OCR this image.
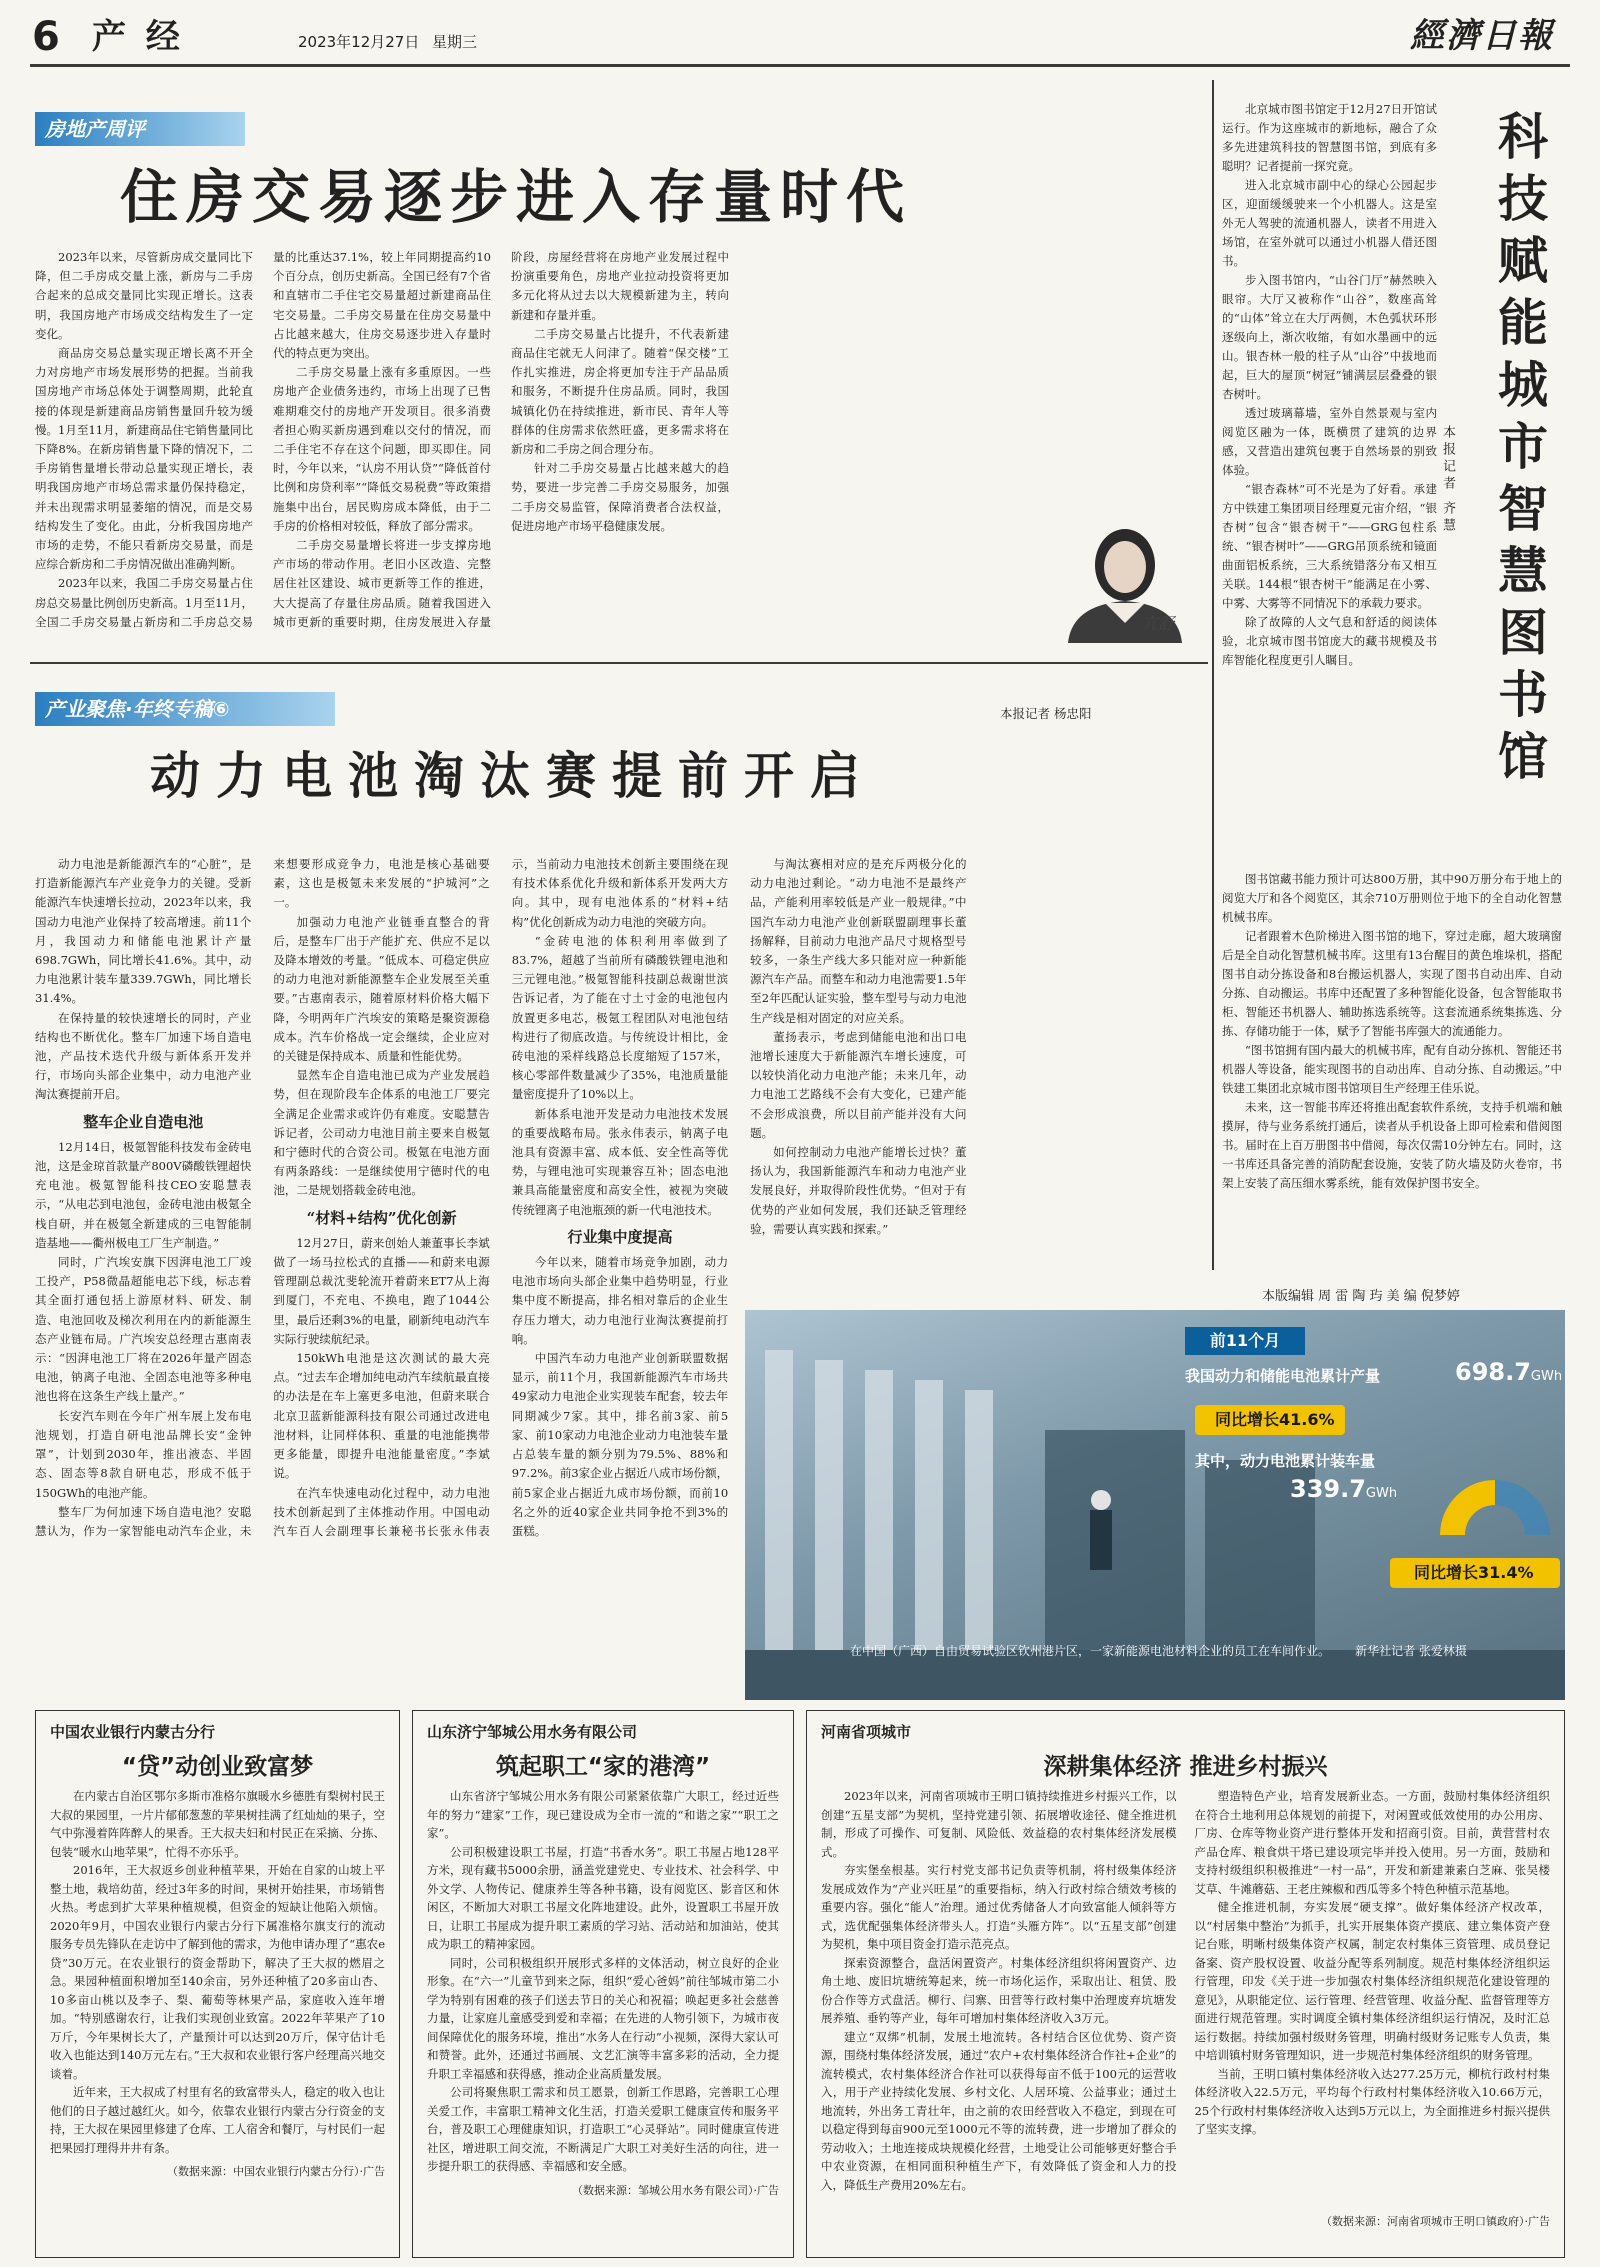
6 产 经	2023年12月27日 星期三	經濟日報
房地产周评
住房交易逐步进入存量时代

2023年以来，尽管新房成交量同比下降，但二手房成交量上涨，新房与二手房合起来的总成交量同比实现正增长。这表明，我国房地产市场成交结构发生了一定变化。

商品房交易总量实现正增长离不开全力对房地产市场发展形势的把握。当前我国房地产市场总体处于调整周期，此轮直接的体现是新建商品房销售量回升较为缓慢。1月至11月，新建商品住宅销售量同比下降8%。在新房销售量下降的情况下，二手房销售量增长带动总量实现正增长，表明我国房地产市场总需求量仍保持稳定，并未出现需求明显萎缩的情况，而是交易结构发生了变化。由此，分析我国房地产市场的走势，不能只看新房交易量，而是应综合新房和二手房情况做出准确判断。

2023年以来，我国二手房交易量占住房总交易量比例创历史新高。1月至11月，全国二手房交易量占新房和二手房总交易量的比重达37.1%，较上年同期提高约10个百分点，创历史新高。全国已经有7个省和直辖市二手住宅交易量超过新建商品住宅交易量。二手房交易量在住房交易量中占比越来越大，住房交易逐步进入存量时代的特点更为突出。

二手房交易量上涨有多重原因。一些房地产企业债务违约，市场上出现了已售难期难交付的房地产开发项目。很多消费者担心购买新房遇到难以交付的情况，而二手住宅不存在这个问题，即买即住。同时，今年以来，“认房不用认贷”“降低首付比例和房贷利率”“降低交易税费”等政策措施集中出台，居民购房成本降低，由于二手房的价格相对较低，释放了部分需求。

二手房交易量增长将进一步支撑房地产市场的带动作用。老旧小区改造、完整居住社区建设、城市更新等工作的推进，大大提高了存量住房品质。随着我国进入城市更新的重要时期，住房发展进入存量阶段，房屋经营将在房地产业发展过程中扮演重要角色，房地产业拉动投资将更加多元化将从过去以大规模新建为主，转向新建和存量并重。

二手房交易量占比提升，不代表新建商品住宅就无人问津了。随着“保交楼”工作扎实推进，房企将更加专注于产品品质和服务，不断提升住房品质。同时，我国城镇化仍在持续推进，新市民、青年人等群体的住房需求依然旺盛，更多需求将在新房和二手房之间合理分布。

针对二手房交易量占比越来越大的趋势，要进一步完善二手房交易服务，加强二手房交易监管，保障消费者合法权益，促进房地产市场平稳健康发展。

亢舒
产业聚焦·年终专稿⑥	本报记者 杨忠阳
动力电池淘汰赛提前开启

动力电池是新能源汽车的“心脏”，是打造新能源汽车产业竞争力的关键。受新能源汽车快速增长拉动，2023年以来，我国动力电池产业保持了较高增速。前11个月，我国动力和储能电池累计产量698.7GWh，同比增长41.6%。其中，动力电池累计装车量339.7GWh，同比增长31.4%。

在保持量的较快速增长的同时，产业结构也不断优化。整车厂加速下场自造电池，产品技术迭代升级与新体系开发并行，市场向头部企业集中，动力电池产业淘汰赛提前开启。

整车企业自造电池

12月14日，极氪智能科技发布金砖电池，这是金琼首款量产800V磷酸铁锂超快充电池。极氪智能科技CEO安聪慧表示，“从电芯到电池包，金砖电池由极氪全栈自研，并在极氪全新建成的三电智能制造基地——衢州极电工厂生产制造。”

同时，广汽埃安旗下因湃电池工厂竣工投产，P58微晶超能电芯下线，标志着其全面打通包括上游原材料、研发、制造、电池回收及梯次利用在内的新能源生态产业链布局。广汽埃安总经理古惠南表示：“因湃电池工厂将在2026年量产固态电池，钠离子电池、全固态电池等多种电池也将在这条生产线上量产。”

长安汽车则在今年广州车展上发布电池规划，打造自研电池品牌长安“金钟罩”，计划到2030年，推出液态、半固态、固态等8款自研电芯，形成不低于150GWh的电池产能。

整车厂为何加速下场自造电池？安聪慧认为，作为一家智能电动汽车企业，未来想要形成竞争力，电池是核心基础要素，这也是极氪未来发展的“护城河”之一。

加强动力电池产业链垂直整合的背后，是整车厂出于产能扩充、供应不足以及降本增效的考量。“低成本、可稳定供应的动力电池对新能源整车企业发展至关重要。”古惠南表示，随着原材料价格大幅下降，今明两年广汽埃安的策略是聚资源稳成本。汽车价格战一定会继续，企业应对的关键是保持成本、质量和性能优势。

显然车企自造电池已成为产业发展趋势，但在现阶段车企体系的电池工厂要完全满足企业需求或许仍有难度。安聪慧告诉记者，公司动力电池目前主要来自极氪和宁德时代的合资公司。极氪在电池方面有两条路线：一是继续使用宁德时代的电池，二是规划搭载金砖电池。

“材料+结构”优化创新

12月27日，蔚来创始人兼董事长李斌做了一场马拉松式的直播——和蔚来电源管理副总裁沈斐轮流开着蔚来ET7从上海到厦门，不充电、不换电，跑了1044公里，最后还剩3%的电量，刷新纯电动汽车实际行驶续航纪录。

150kWh电池是这次测试的最大亮点。“过去车企增加纯电动汽车续航最直接的办法是在车上塞更多电池，但蔚来联合北京卫蓝新能源科技有限公司通过改进电池材料，让同样体积、重量的电池能携带更多能量，即提升电池能量密度。”李斌说。

在汽车快速电动化过程中，动力电池技术创新起到了主体推动作用。中国电动汽车百人会副理事长兼秘书长张永伟表示，当前动力电池技术创新主要围绕在现有技术体系优化升级和新体系开发两大方向。其中，现有电池体系的“材料+结构”优化创新成为动力电池的突破方向。

“金砖电池的体积利用率做到了83.7%，超越了当前所有磷酸铁锂电池和三元锂电池。”极氪智能科技副总裁谢世滨告诉记者，为了能在寸土寸金的电池包内放置更多电芯，极氪工程团队对电池包结构进行了彻底改造。与传统设计相比，金砖电池的采样线路总长度缩短了157米，核心零部件数量减少了35%，电池质量能量密度提升了10%以上。

新体系电池开发是动力电池技术发展的重要战略布局。张永伟表示，钠离子电池具有资源丰富、成本低、安全性高等优势，与锂电池可实现兼容互补；固态电池兼具高能量密度和高安全性，被视为突破传统锂离子电池瓶颈的新一代电池技术。

行业集中度提高

今年以来，随着市场竞争加剧，动力电池市场向头部企业集中趋势明显，行业集中度不断提高，排名相对靠后的企业生存压力增大，动力电池行业淘汰赛提前打响。

中国汽车动力电池产业创新联盟数据显示，前11个月，我国新能源汽车市场共49家动力电池企业实现装车配套，较去年同期减少7家。其中，排名前3家、前5家、前10家动力电池企业动力电池装车量占总装车量的额分别为79.5%、88%和97.2%。前3家企业占据近八成市场份额，前5家企业占据近九成市场份额，而前10名之外的近40家企业共同争抢不到3%的蛋糕。

与淘汰赛相对应的是充斥两极分化的动力电池过剩论。“动力电池不是最终产品，产能利用率较低是产业一般规律。”中国汽车动力电池产业创新联盟副理事长董扬解释，目前动力电池产品尺寸规格型号较多，一条生产线大多只能对应一种新能源汽车产品。而整车和动力电池需要1.5年至2年匹配认证实验，整车型号与动力电池生产线是相对固定的对应关系。

董扬表示，考虑到储能电池和出口电池增长速度大于新能源汽车增长速度，可以较快消化动力电池产能；未来几年，动力电池工艺路线不会有大变化，已建产能不会形成浪费，所以目前产能并没有大问题。

如何控制动力电池产能增长过快？董扬认为，我国新能源汽车和动力电池产业发展良好，并取得阶段性优势。“但对于有优势的产业如何发展，我们还缺乏管理经验，需要认真实践和探索。”

科技赋能城市智慧图书馆
本报记者 齐慧

北京城市图书馆定于12月27日开馆试运行。作为这座城市的新地标，融合了众多先进建筑科技的智慧图书馆，到底有多聪明？记者提前一探究竟。

进入北京城市副中心的绿心公园起步区，迎面缓缓驶来一个小机器人。这是室外无人驾驶的流通机器人，读者不用进入场馆，在室外就可以通过小机器人借还图书。

步入图书馆内，“山谷门厅”赫然映入眼帘。大厅又被称作“山谷”，数座高耸的“山体”耸立在大厅两侧，木色弧状环形逐级向上，渐次收缩，有如水墨画中的远山。银杏林一般的柱子从“山谷”中拔地而起，巨大的屋顶“树冠”铺满层层叠叠的银杏树叶。

透过玻璃幕墙，室外自然景观与室内阅览区融为一体，既横贯了建筑的边界感，又营造出建筑包裹于自然场景的别致体验。

“银杏森林”可不光是为了好看。承建方中铁建工集团项目经理夏元宙介绍，“银杏树”包含“银杏树干”——GRG包柱系统、“银杏树叶”——GRG吊顶系统和镜面曲面铝板系统，三大系统错落分布又相互关联。144根“银杏树干”能满足在小雾、中雾、大雾等不同情况下的承载力要求。

除了故障的人文气息和舒适的阅读体验，北京城市图书馆庞大的藏书规模及书库智能化程度更引人瞩目。

图书馆藏书能力预计可达800万册，其中90万册分布于地上的阅览大厅和各个阅览区，其余710万册则位于地下的全自动化智慧机械书库。

记者跟着木色阶梯进入图书馆的地下，穿过走廊，超大玻璃窗后是全自动化智慧机械书库。这里有13台醒目的黄色堆垛机，搭配图书自动分拣设备和8台搬运机器人，实现了图书自动出库、自动分拣、自动搬运。书库中还配置了多种智能化设备，包含智能取书柜、智能还书机器人、辅助拣选系统等。这套流通系统集拣选、分拣、存储功能于一体，赋予了智能书库强大的流通能力。

“图书馆拥有国内最大的机械书库，配有自动分拣机、智能还书机器人等设备，能实现图书的自动出库、自动分拣、自动搬运。”中铁建工集团北京城市图书馆项目生产经理王佳乐说。

未来，这一智能书库还将推出配套软件系统，支持手机端和触摸屏，待与业务系统打通后，读者从手机设备上即可检索和借阅图书。届时在上百万册图书中借阅，每次仅需10分钟左右。同时，这一书库还具备完善的消防配套设施，安装了防火墙及防火卷帘，书架上安装了高压细水雾系统，能有效保护图书安全。

本版编辑 周 雷 陶 玙 美 编 倪梦婷
前11个月
我国动力和储能电池累计产量	698.7GWh
同比增长41.6%
其中，动力电池累计装车量
339.7GWh
同比增长31.4%
在中国（广西）自由贸易试验区钦州港片区，一家新能源电池材料企业的员工在车间作业。 新华社记者 张爱林摄
中国农业银行内蒙古分行
“贷”动创业致富梦

在内蒙古自治区鄂尔多斯市准格尔旗暖水乡德胜有梨树村民王大叔的果园里，一片片郁郁葱葱的苹果树挂满了红灿灿的果子，空气中弥漫着阵阵醉人的果香。王大叔夫妇和村民正在采摘、分拣、包装“暖水山地苹果”，忙得不亦乐乎。

2016年，王大叔返乡创业种植苹果，开始在自家的山坡上平整土地，栽培幼苗，经过3年多的时间，果树开始挂果，市场销售火热。考虑到扩大苹果种植规模，但资金的短缺让他陷入烦恼。2020年9月，中国农业银行内蒙古分行下属准格尔旗支行的流动服务专员先锋队在走访中了解到他的需求，为他申请办理了“惠农e贷”30万元。在农业银行的资金帮助下，解决了王大叔的燃眉之急。果园种植面积增加至140余亩，另外还种植了20多亩山杏、10多亩山桃以及李子、梨、葡萄等林果产品，家庭收入连年增加。“特别感谢农行，让我们实现创业致富。2022年苹果产了10万斤，今年果树长大了，产量预计可以达到20万斤，保守估计毛收入也能达到140万元左右。”王大叔和农业银行客户经理高兴地交谈着。

近年来，王大叔成了村里有名的致富带头人，稳定的收入也让他们的日子越过越红火。如今，依靠农业银行内蒙古分行资金的支持，王大叔在果园里修建了仓库、工人宿舍和餐厅，与村民们一起把果园打理得井井有条。

（数据来源：中国农业银行内蒙古分行）·广告
山东济宁邹城公用水务有限公司
筑起职工“家的港湾”

山东省济宁邹城公用水务有限公司紧紧依靠广大职工，经过近些年的努力“建家”工作，现已建设成为全市一流的“和谐之家”“职工之家”。

公司积极建设职工书屋，打造“书香水务”。职工书屋占地128平方米，现有藏书5000余册，涵盖党建党史、专业技术、社会科学、中外文学、人物传记、健康养生等各种书籍，设有阅览区、影音区和休闲区，不断加大对职工书屋文化阵地建设。此外，设置职工书屋开放日，让职工书屋成为提升职工素质的学习站、活动站和加油站，使其成为职工的精神家园。

同时，公司积极组织开展形式多样的文体活动，树立良好的企业形象。在“六一”儿童节到来之际，组织“爱心爸妈”前往邹城市第二小学为特别有困难的孩子们送去节日的关心和祝福；唤起更多社会慈善力量，让家庭儿童感受到爱和幸福；在先进的人物引领下，为城市夜间保障优化的服务环境，推出“水务人在行动”小视频，深得大家认可和赞誉。此外，还通过书画展、文艺汇演等丰富多彩的活动，全力提升职工幸福感和获得感，推动企业高质量发展。

公司将聚焦职工需求和员工愿景，创新工作思路，完善职工心理关爱工作，丰富职工精神文化生活，打造关爱职工健康宣传和服务平台，普及职工心理健康知识，打造职工“心灵驿站”。同时健康宣传进社区，增进职工间交流，不断满足广大职工对美好生活的向往，进一步提升职工的获得感、幸福感和安全感。

（数据来源：邹城公用水务有限公司）·广告
河南省项城市
深耕集体经济 推进乡村振兴

2023年以来，河南省项城市王明口镇持续推进乡村振兴工作，以创建“五星支部”为契机，坚持党建引领、拓展增收途径、健全推进机制，形成了可操作、可复制、风险低、效益稳的农村集体经济发展模式。

夯实堡垒根基。实行村党支部书记负责等机制，将村级集体经济发展成效作为“产业兴旺星”的重要指标，纳入行政村综合绩效考核的重要内容。强化“能人”治理。通过优秀储备人才向致富能人倾斜等方式，选优配强集体经济带头人。打造“头雁方阵”。以“五星支部”创建为契机，集中项目资金打造示范亮点。

探索资源整合，盘活闲置资产。村集体经济组织将闲置资产、边角土地、废旧坑塘统筹起来，统一市场化运作，采取出让、租赁、股份合作等方式盘活。柳行、闫寨、田营等行政村集中治理废弃坑塘发展养殖、垂钓等产业，每年可增加村集体经济收入3万元。

建立“双绑”机制，发展土地流转。各村结合区位优势、资产资源，围绕村集体经济发展，通过“农户+农村集体经济合作社+企业”的流转模式，农村集体经济合作社可以获得每亩不低于100元的运营收入，用于产业持续化发展、乡村文化、人居环境、公益事业；通过土地流转，外出务工青壮年，由之前的农田经营收入不稳定，到现在可以稳定得到每亩900元至1000元不等的流转费，进一步增加了群众的劳动收入；土地连接成块规模化经营，土地受让公司能够更好整合手中农业资源，在相同面积种植生产下，有效降低了资金和人力的投入，降低生产费用20%左右。

塑造特色产业，培育发展新业态。一方面，鼓励村集体经济组织在符合土地利用总体规划的前提下，对闲置或低效使用的办公用房、厂房、仓库等物业资产进行整体开发和招商引资。目前，黄营营村农产品仓库、粮食烘干塔已建设项完毕并投入使用。另一方面，鼓励和支持村级组织积极推进“一村一品”，开发和新建兼素白芝麻、张吴楼艾草、牛滩蘑菇、王老庄辣椒和西瓜等多个特色种植示范基地。

健全推进机制，夯实发展“硬支撑”。做好集体经济产权改革，以“村居集中整治”为抓手，扎实开展集体资产摸底、建立集体资产登记台账，明晰村级集体资产权属，制定农村集体三资管理、成员登记备案、资产股权设置、收益分配等系列制度。规范村集体经济组织运行管理，印发《关于进一步加强农村集体经济组织规范化建设管理的意见》，从职能定位、运行管理、经营管理、收益分配、监督管理等方面进行规范管理。实时调度全镇村集体经济组织运行情况，及时汇总运行数据。持续加强村级财务管理，明确村级财务记账专人负责，集中培训镇村财务管理知识，进一步规范村集体经济组织的财务管理。

当前，王明口镇村集体经济收入达277.25万元，柳杭行政村村集体经济收入22.5万元，平均每个行政村村集体经济收入10.66万元，25个行政村村集体经济收入达到5万元以上，为全面推进乡村振兴提供了坚实支撑。

（数据来源：河南省项城市王明口镇政府）·广告
